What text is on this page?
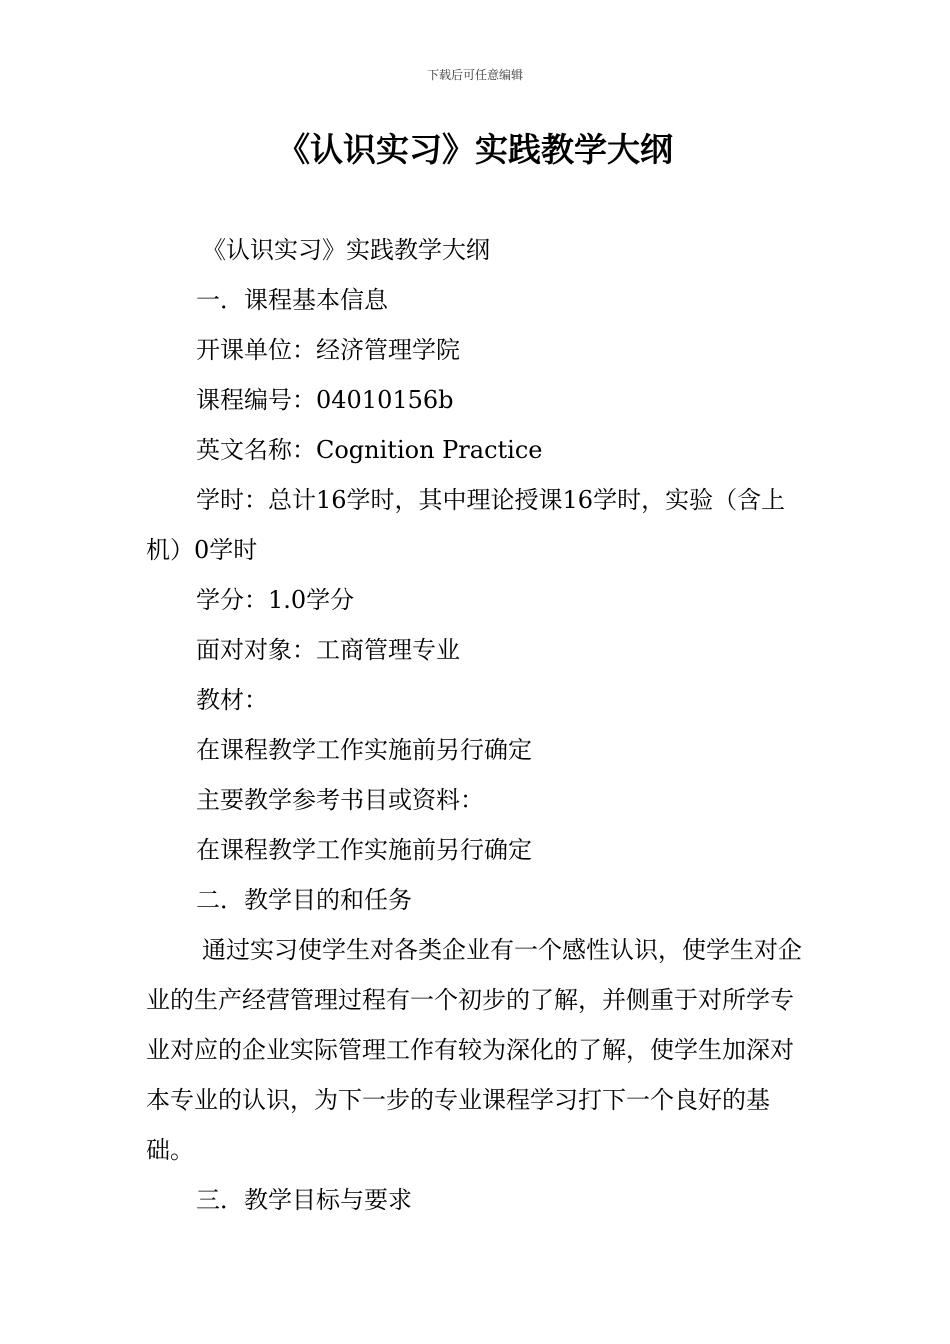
下载后可任意编辑
《认识实习》实践教学大纲

《认识实习》实践教学大纲

一．课程基本信息

开课单位：经济管理学院

课程编号：04010156b

英文名称：Cognition Practice

学时：总计16学时，其中理论授课16学时，实验（含上机）0学时

学分：1.0学分

面对对象：工商管理专业

教材：

在课程教学工作实施前另行确定

主要教学参考书目或资料：

在课程教学工作实施前另行确定

二．教学目的和任务

通过实习使学生对各类企业有一个感性认识，使学生对企业的生产经营管理过程有一个初步的了解，并侧重于对所学专业对应的企业实际管理工作有较为深化的了解，使学生加深对本专业的认识，为下一步的专业课程学习打下一个良好的基础。

三．教学目标与要求
